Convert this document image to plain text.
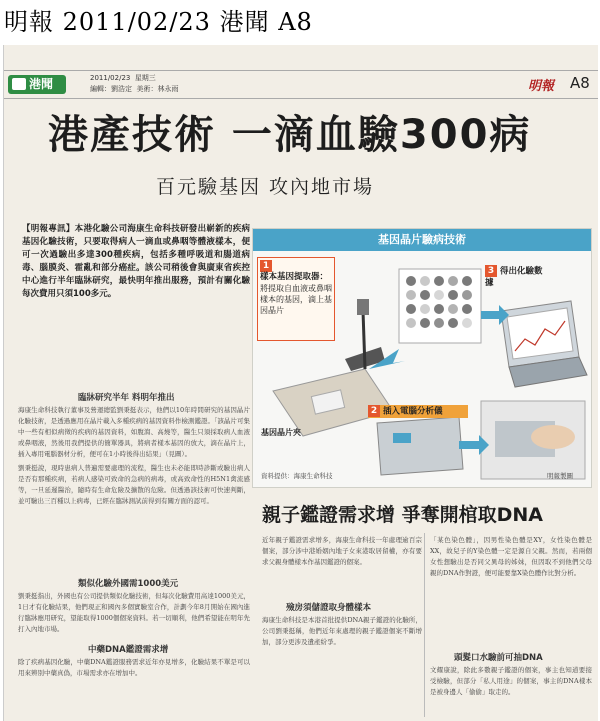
明報 2011/02/23 港聞 A8
港聞	2011/02/23 星期三
編輯：劉浩定 美術：林永雨	明報 A8
港產技術 一滴血驗300病
百元驗基因 攻內地市場
【明報專訊】本港化驗公司海康生命科技研發出嶄新的疾病基因化驗技術，只要取得病人一滴血或鼻咽等體液樣本，便可一次過驗出多達300種疾病，包括多種呼吸道和腸道病毒、腦膜炎、霍亂和部分癌症。該公司稍後會與廣東省疾控中心進行半年臨牀研究，最快明年推出服務，預計有關化驗每次費用只須100多元。
臨牀研究半年 料明年推出
海康生命科技執行董事及營運總監劉秉挺表示，他們以10年時間研究的基因晶片化驗技術，是透過應用在晶片載入多種疾病的基因資料作檢測鑑證。「該晶片可集中一些有相似病徵的疾病的基因資料，如腹瀉、高燒等，醫生只須採取病人血液或鼻咽液，然後用我們提供的簡單器具，將病者樣本基因的放大，滴在晶片上，插入專用電腦器材分析，便可在1小時後得出結果」（見圖）。
劉秉挺說，現時患病人普遍需要處理的流程，醫生也未必能即時診斷或驗出病人是否有那種疾病，若病人感染可致命的急病的病毒，或高致命性的H5N1禽流感等，一旦延遲醫治，隨時有生命危險及擴散的危險。但透過該技術可快速判斷，並可驗出三百種以上病毒，已經在臨牀測試前得到有關方面的認可。
類似化驗外國需1000美元
劉秉挺指出，外國也有公司提供類似化驗技術，但每次化驗費用高達1000美元，1日才有化驗結果，他們現正和國內多個實驗室合作，計劃今年8月開始在國內進行臨牀應用研究，望能取得1000個個案資料。若一切順利，他們希望能在明年先打入內地市場。
中藥DNA鑑證需求增
除了疾病基因化驗，中藥DNA鑑證服務需求近年亦見增多，化驗結果不單是可以用來辨別中藥真偽，市場需求亦在增加中。
基因晶片驗病技術
1
樣本基因提取器：
將提取自血液或鼻咽樣本的基因，滴上基因晶片
3 得出化驗數據
2 插入電腦分析儀
基因晶片夾
資料提供：海康生命科技	明報製圖
親子鑑證需求增 爭奪開棺取DNA
近年親子鑑證需求增多，海康生命科技一年處理逾百宗個案，部分涉中港婚姻內地子女來港取居留權，亦有要求父親身體樣本作基因鑑證的個案。
殮房須儲證取身體樣本
海康生命科技是本港首批提供DNA親子鑑證的化驗所，公司劉秉挺稱，他們近年來處理的親子鑑證個案不斷增加，部分更涉及遺產紛爭。
「某色染色體」，因男性染色體是XY，女性染色體是XX，故兒子的Y染色體一定是源自父親。然而，若兩個女性想驗出是否同父異母的姊妹，但因取不到他們父母親的DNA作對證，便可能要靠X染色體作比對分析。
頭髮口水驗前可抽DNA
文耀康說，除此多數親子鑑證的個案，事主也知道要接受檢驗，但部分「私人用途」的個案，事主的DNA樣本是被身邊人「偷偷」取走的。
